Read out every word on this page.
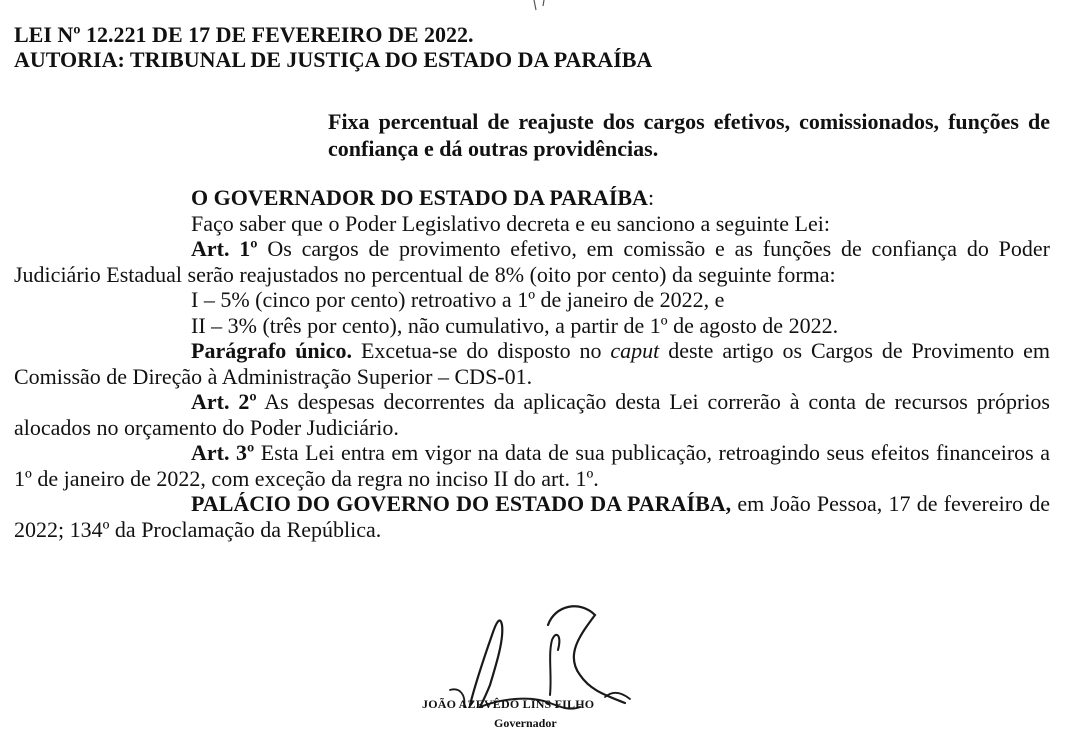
LEI Nº 12.221 DE 17 DE FEVEREIRO DE 2022.
AUTORIA: TRIBUNAL DE JUSTIÇA DO ESTADO DA PARAÍBA
Fixa percentual de reajuste dos cargos efetivos, comissionados, funções de confiança e dá outras providências.

O GOVERNADOR DO ESTADO DA PARAÍBA:

Faço saber que o Poder Legislativo decreta e eu sanciono a seguinte Lei:

Art. 1º Os cargos de provimento efetivo, em comissão e as funções de confiança do Poder Judiciário Estadual serão reajustados no percentual de 8% (oito por cento) da seguinte forma:

I – 5% (cinco por cento) retroativo a 1º de janeiro de 2022, e

II – 3% (três por cento), não cumulativo, a partir de 1º de agosto de 2022.

Parágrafo único. Excetua-se do disposto no caput deste artigo os Cargos de Provimento em Comissão de Direção à Administração Superior – CDS-01.

Art. 2º As despesas decorrentes da aplicação desta Lei correrão à conta de recursos próprios alocados no orçamento do Poder Judiciário.

Art. 3º Esta Lei entra em vigor na data de sua publicação, retroagindo seus efeitos financeiros a 1º de janeiro de 2022, com exceção da regra no inciso II do art. 1º.

PALÁCIO DO GOVERNO DO ESTADO DA PARAÍBA, em João Pessoa, 17 de fevereiro de 2022; 134º da Proclamação da República.

JOÃO AZEVÊDO LINS FILHO
Governador
